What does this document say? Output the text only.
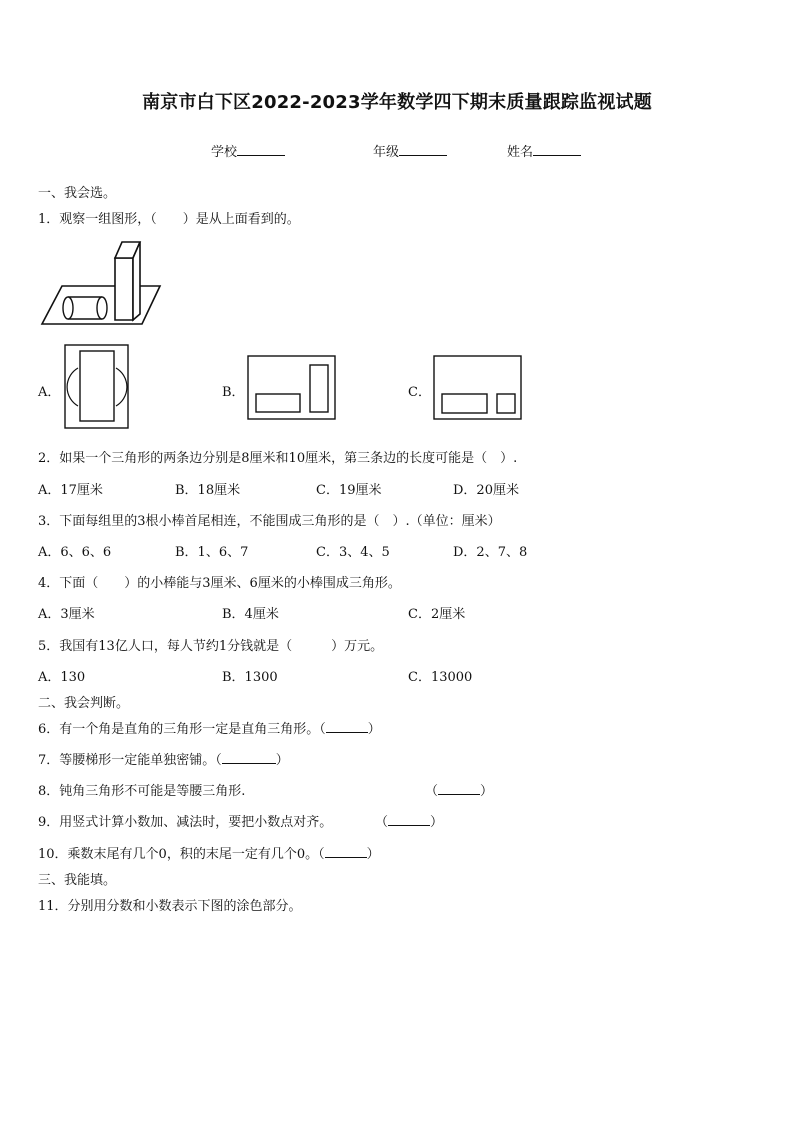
南京市白下区2022-2023学年数学四下期末质量跟踪监视试题
学校	年级	姓名
一、我会选。
1．观察一组图形，（　　）是从上面看到的。
A．	B．	C．
2．如果一个三角形的两条边分别是8厘米和10厘米，第三条边的长度可能是（　）.
A．17厘米	B．18厘米	C．19厘米	D．20厘米
3．下面每组里的3根小棒首尾相连，不能围成三角形的是（　）.（单位：厘米）
A．6、6、6	B．1、6、7	C．3、4、5	D．2、7、8
4．下面（　　）的小棒能与3厘米、6厘米的小棒围成三角形。
A．3厘米	B．4厘米	C．2厘米
5．我国有13亿人口，每人节约1分钱就是（　　　）万元。
A．130	B．1300	C．13000
二、我会判断。
6．有一个角是直角的三角形一定是直角三角形。（	）
7．等腰梯形一定能单独密铺。（	）
8．钝角三角形不可能是等腰三角形.	（	）
9．用竖式计算小数加、减法时，要把小数点对齐。	（	）
10．乘数末尾有几个0，积的末尾一定有几个0。（	）
三、我能填。
11．分别用分数和小数表示下图的涂色部分。
